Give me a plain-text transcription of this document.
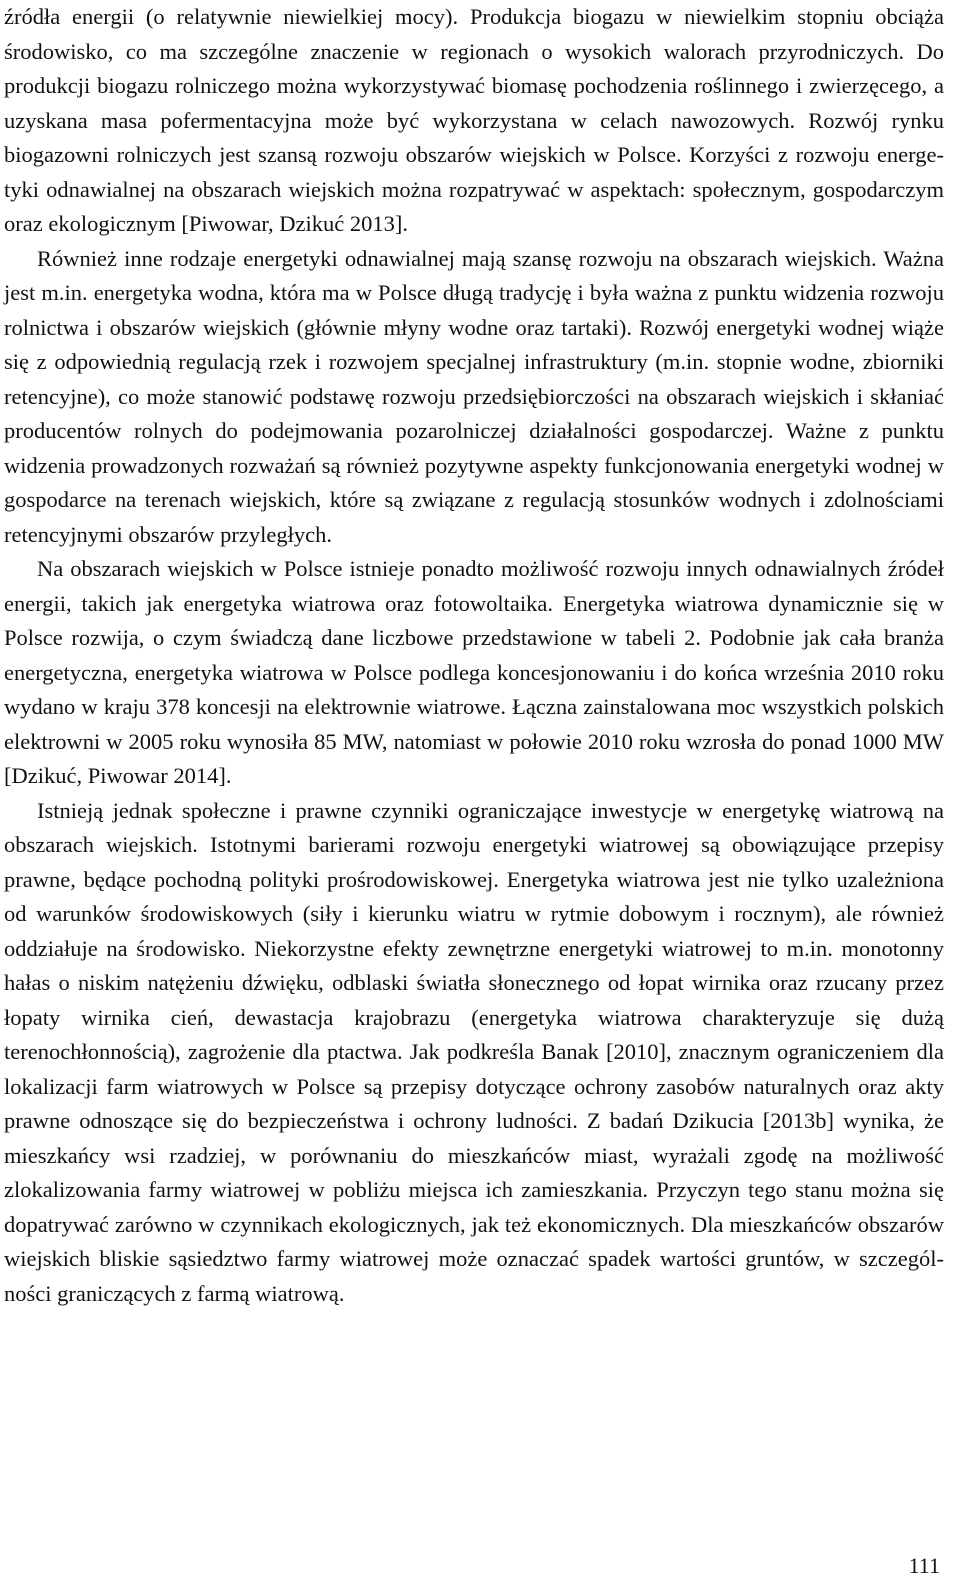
źródła energii (o relatywnie niewielkiej mocy). Produkcja biogazu w niewielkim stopniu obciąża środowisko, co ma szczególne znaczenie w regionach o wysokich walorach przyrodniczych. Do produkcji biogazu rolniczego można wykorzystywać biomasę pochodzenia roślinnego i zwierzęcego, a uzyskana masa pofermentacyjna może być wykorzystana w celach nawozowych. Rozwój rynku biogazowni rolniczych jest szansą rozwoju obszarów wiejskich w Polsce. Korzyści z rozwoju energetyki odnawialnej na obszarach wiejskich można rozpatrywać w aspektach: społecznym, gospodarczym oraz ekologicznym [Piwowar, Dzikuć 2013].

Również inne rodzaje energetyki odnawialnej mają szansę rozwoju na obszarach wiejskich. Ważna jest m.in. energetyka wodna, która ma w Polsce długą tradycję i była ważna z punktu widzenia rozwoju rolnictwa i obszarów wiejskich (głównie młyny wodne oraz tartaki). Rozwój energetyki wodnej wiąże się z odpowiednią regulacją rzek i rozwojem specjalnej infrastruktury (m.in. stopnie wodne, zbiorniki retencyjne), co może stanowić podstawę rozwoju przedsiębiorczości na obszarach wiejskich i skłaniać producentów rolnych do podejmowania pozarolniczej działalności gospodarczej. Ważne z punktu widzenia prowadzonych rozważań są również pozytywne aspekty funkcjonowania energetyki wodnej w gospodarce na terenach wiejskich, które są związane z regulacją stosunków wodnych i zdolnościami retencyjnymi obszarów przyległych.

Na obszarach wiejskich w Polsce istnieje ponadto możliwość rozwoju innych odnawialnych źródeł energii, takich jak energetyka wiatrowa oraz fotowoltaika. Energetyka wiatrowa dynamicznie się w Polsce rozwija, o czym świadczą dane liczbowe przedstawione w tabeli 2. Podobnie jak cała branża energetyczna, energetyka wiatrowa w Polsce podlega koncesjonowaniu i do końca września 2010 roku wydano w kraju 378 koncesji na elektrownie wiatrowe. Łączna zainstalowana moc wszystkich polskich elektrowni w 2005 roku wynosiła 85 MW, natomiast w połowie 2010 roku wzrosła do ponad 1000 MW [Dzikuć, Piwowar 2014].

Istnieją jednak społeczne i prawne czynniki ograniczające inwestycje w energetykę wiatrową na obszarach wiejskich. Istotnymi barierami rozwoju energetyki wiatrowej są obowiązujące przepisy prawne, będące pochodną polityki prośrodowiskowej. Energetyka wiatrowa jest nie tylko uzależniona od warunków środowiskowych (siły i kierunku wiatru w rytmie dobowym i rocznym), ale również oddziałuje na środowisko. Niekorzystne efekty zewnętrzne energetyki wiatrowej to m.in. monotonny hałas o niskim natężeniu dźwięku, odblaski światła słonecznego od łopat wirnika oraz rzucany przez łopaty wirnika cień, dewastacja krajobrazu (energetyka wiatrowa charakteryzuje się dużą terenochłonnością), zagrożenie dla ptactwa. Jak podkreśla Banak [2010], znacznym ograniczeniem dla lokalizacji farm wiatrowych w Polsce są przepisy dotyczące ochrony zasobów naturalnych oraz akty prawne odnoszące się do bezpieczeństwa i ochrony ludności. Z badań Dzikucia [2013b] wynika, że mieszkańcy wsi rzadziej, w porównaniu do mieszkańców miast, wyrażali zgodę na możliwość zlokalizowania farmy wiatrowej w pobliżu miejsca ich zamieszkania. Przyczyn tego stanu można się dopatrywać zarówno w czynnikach ekologicznych, jak też ekonomicznych. Dla mieszkańców obszarów wiejskich bliskie sąsiedztwo farmy wiatrowej może oznaczać spadek wartości gruntów, w szczególności graniczących z farmą wiatrową.

111
